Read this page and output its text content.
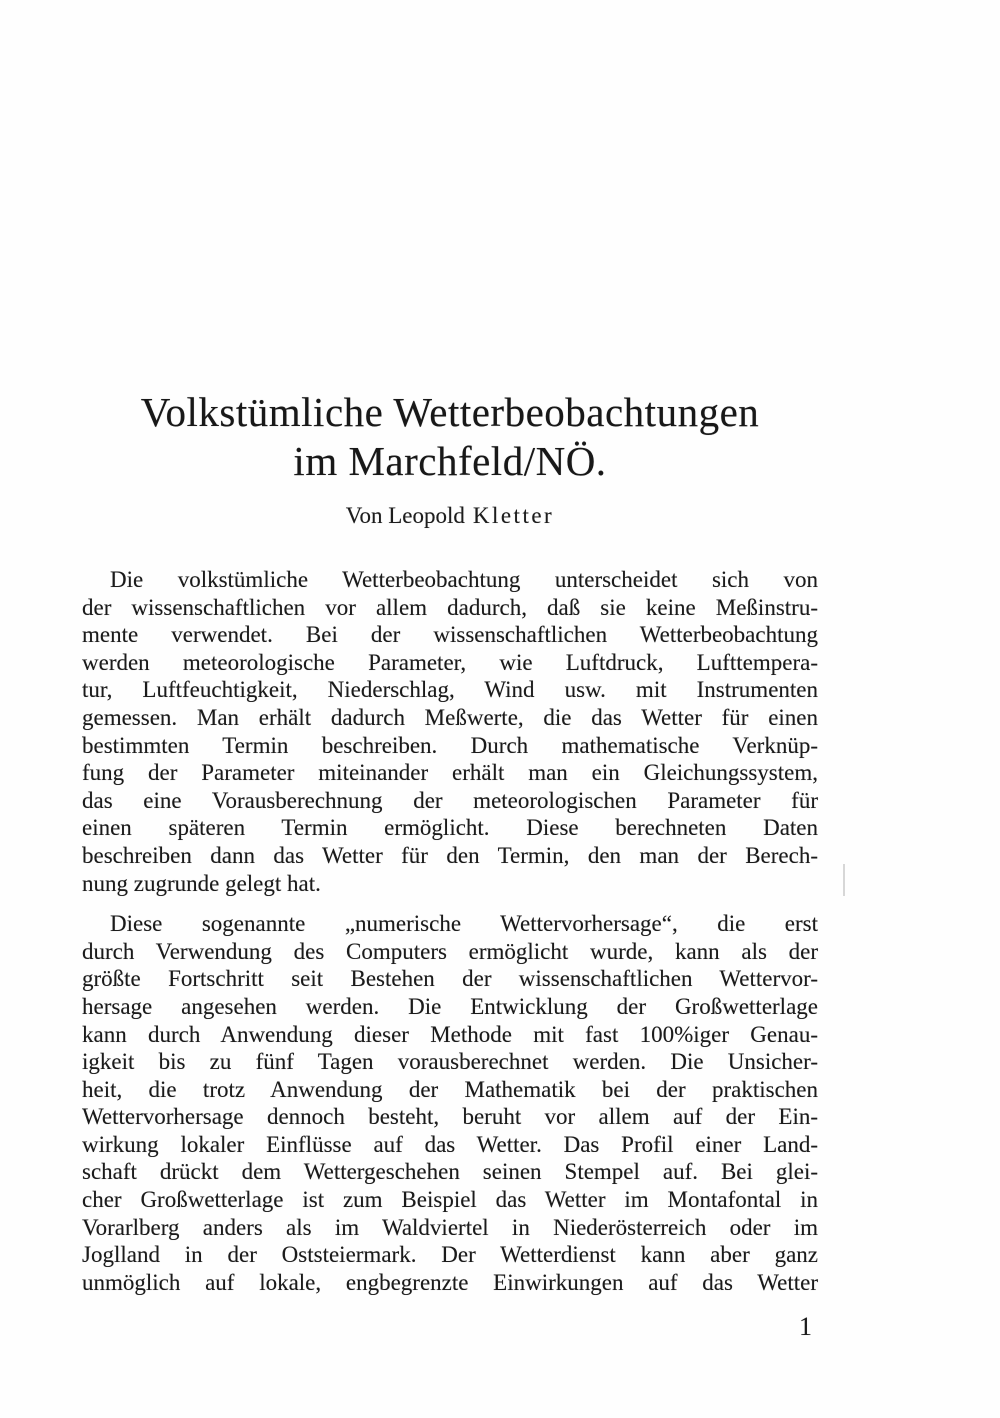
Volkstümliche Wetterbeobachtungen
im Marchfeld/NÖ.
Von Leopold Kletter
Die volkstümliche Wetterbeobachtung unterscheidet sich von
der wissenschaftlichen vor allem dadurch, daß sie keine Meßinstru-
mente verwendet. Bei der wissenschaftlichen Wetterbeobachtung
werden meteorologische Parameter, wie Luftdruck, Lufttempera-
tur, Luftfeuchtigkeit, Niederschlag, Wind usw. mit Instrumenten
gemessen. Man erhält dadurch Meßwerte, die das Wetter für einen
bestimmten Termin beschreiben. Durch mathematische Verknüp-
fung der Parameter miteinander erhält man ein Gleichungssystem,
das eine Vorausberechnung der meteorologischen Parameter für
einen späteren Termin ermöglicht. Diese berechneten Daten
beschreiben dann das Wetter für den Termin, den man der Berech-
nung zugrunde gelegt hat.
Diese sogenannte „numerische Wettervorhersage“, die erst
durch Verwendung des Computers ermöglicht wurde, kann als der
größte Fortschritt seit Bestehen der wissenschaftlichen Wettervor-
hersage angesehen werden. Die Entwicklung der Großwetterlage
kann durch Anwendung dieser Methode mit fast 100%iger Genau-
igkeit bis zu fünf Tagen vorausberechnet werden. Die Unsicher-
heit, die trotz Anwendung der Mathematik bei der praktischen
Wettervorhersage dennoch besteht, beruht vor allem auf der Ein-
wirkung lokaler Einflüsse auf das Wetter. Das Profil einer Land-
schaft drückt dem Wettergeschehen seinen Stempel auf. Bei glei-
cher Großwetterlage ist zum Beispiel das Wetter im Montafontal in
Vorarlberg anders als im Waldviertel in Niederösterreich oder im
Joglland in der Oststeiermark. Der Wetterdienst kann aber ganz
unmöglich auf lokale, engbegrenzte Einwirkungen auf das Wetter
1
